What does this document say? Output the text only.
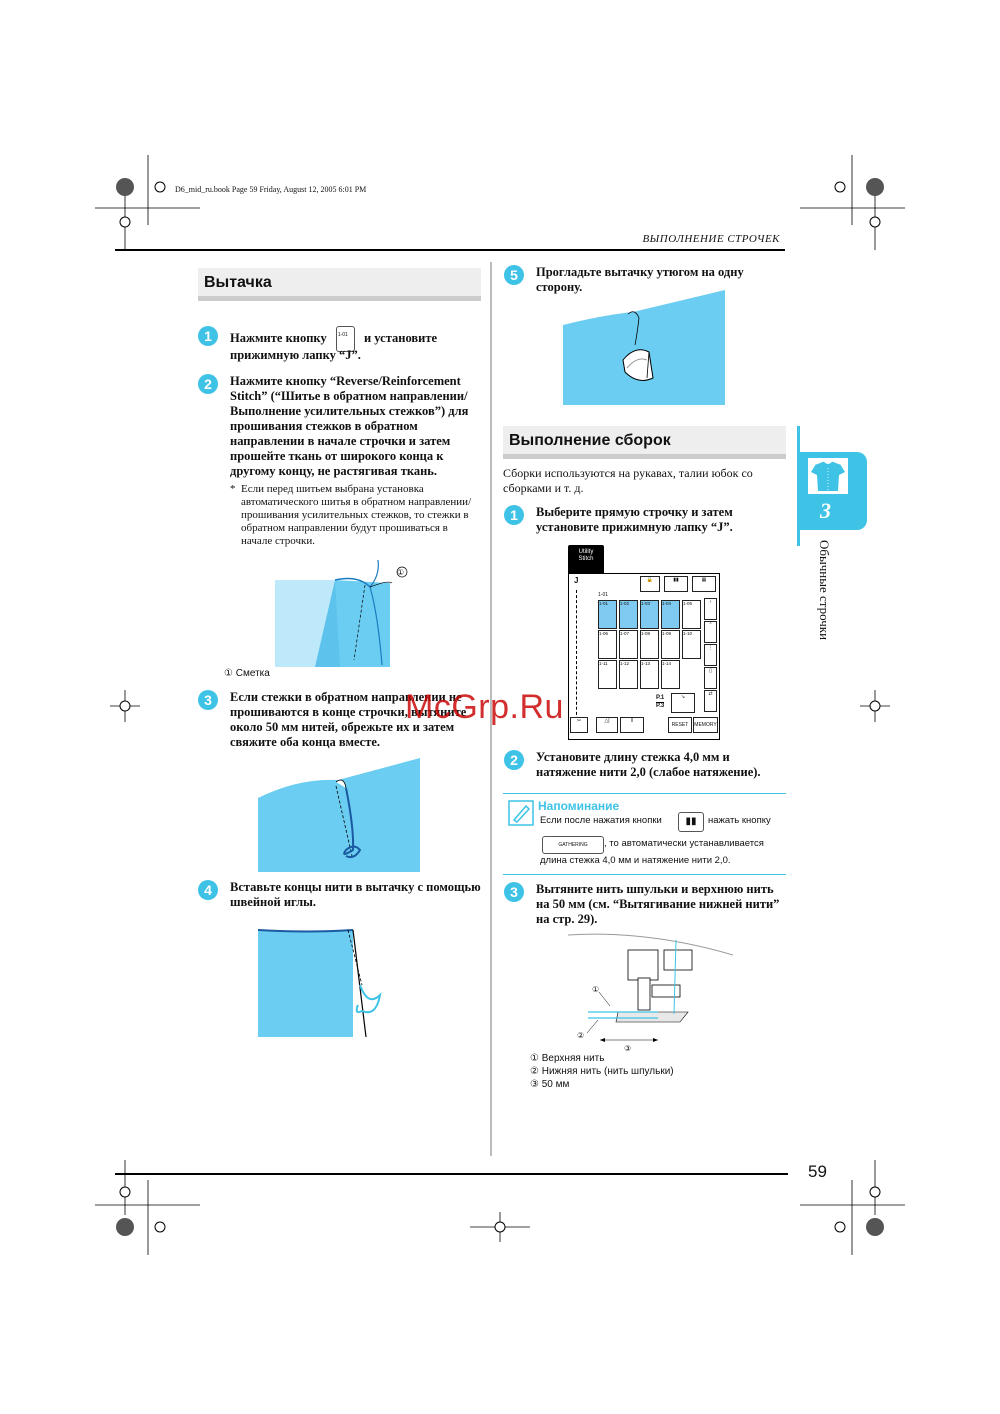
D6_mid_ru.book Page 59 Friday, August 12, 2005 6:01 PM
ВЫПОЛНЕНИЕ СТРОЧЕК
Вытачка
1	Нажмите кнопку 1-01 и установите
прижимную лапку “J”.
2	Нажмите кнопку “Reverse/Reinforcement Stitch” (“Шитье в обратном направлении/ Выполнение усилительных стежков”) для прошивания стежков в обратном направлении в начале строчки и затем прошейте ткань от широкого конца к другому концу, не растягивая ткань.
* Если перед шитьем выбрана установка автоматического шитья в обратном направлении/ прошивания усилительных стежков, то стежки в обратном направлении будут прошиваться в начале строчки.
①
① Сметка
3	Если стежки в обратном направлении не прошиваются в конце строчки, вытяните около 50 мм нитей, обрежьте их и затем свяжите оба конца вместе.
4	Вставьте концы нити в вытачку с помощью швейной иглы.
5	Прогладьте вытачку утюгом на одну сторону.
Выполнение сборок
Сборки используются на рукавах, талии юбок со сборками и т. д.
1	Выберите прямую строчку и затем установите прижимную лапку “J”.
Utility
Stitch
J	🔒	▮▮	▦
1-01
1-01	1-02	1-03	1-04	1-05
1-06	1-07	1-08	1-09	1-10
1-11	1-12	1-13	1-14
‹
⌃
⋮
▯
⇄
P.1
P.3
↘
✂	△|	‖
RESET	MEMORY
2	Установите длину стежка 4,0 мм и натяжение нити 2,0 (слабое натяжение).
Напоминание
Если после нажатия кнопки	▮▮	нажать кнопку
GATHERING	, то автоматически устанавливается
длина стежка 4,0 мм и натяжение нити 2,0.
3	Вытяните нить шпульки и верхнюю нить на 50 мм (см. “Вытягивание нижней нити” на стр. 29).
①
②
③
① Верхняя нить
② Нижняя нить (нить шпульки)
③ 50 мм
3
Обычные строчки
59
McGrp.Ru
